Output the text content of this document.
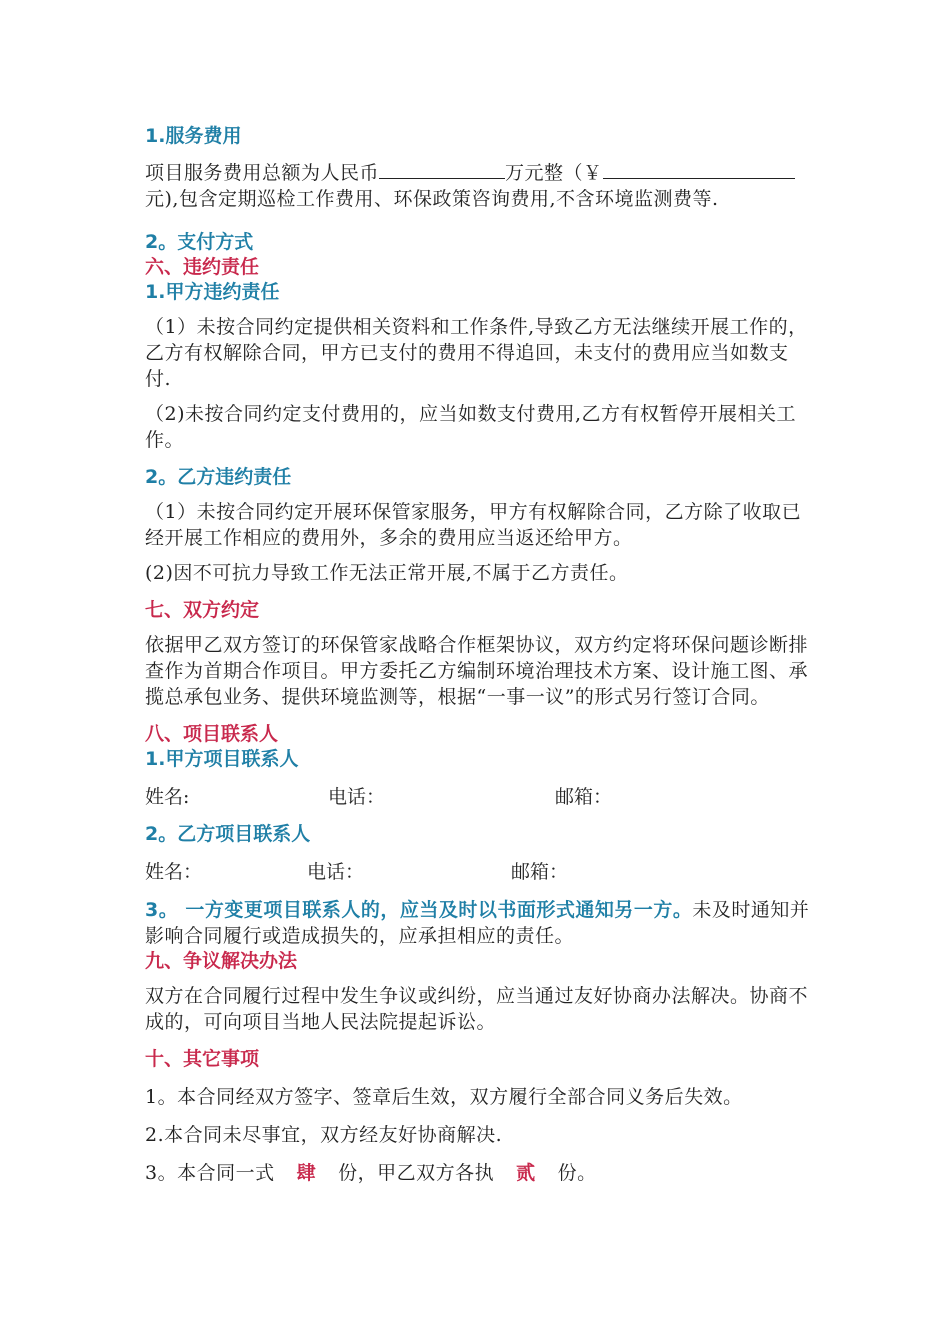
1.服务费用

项目服务费用总额为人民币	万元整（￥元),包含定期巡检工作费用、环保政策咨询费用,不含环境监测费等.

2。支付方式
六、违约责任
1.甲方违约责任

（1）未按合同约定提供相关资料和工作条件,导致乙方无法继续开展工作的，乙方有权解除合同，甲方已支付的费用不得追回，未支付的费用应当如数支付.

（2)未按合同约定支付费用的，应当如数支付费用,乙方有权暂停开展相关工作。

2。乙方违约责任

（1）未按合同约定开展环保管家服务，甲方有权解除合同，乙方除了收取已经开展工作相应的费用外，多余的费用应当返还给甲方。

(2)因不可抗力导致工作无法正常开展,不属于乙方责任。

七、双方约定

依据甲乙双方签订的环保管家战略合作框架协议，双方约定将环保问题诊断排查作为首期合作项目。甲方委托乙方编制环境治理技术方案、设计施工图、承揽总承包业务、提供环境监测等，根据“一事一议”的形式另行签订合同。

八、项目联系人
1.甲方项目联系人
姓名:	电话：	邮箱：
2。乙方项目联系人
姓名：	电话：	邮箱：

3。 一方变更项目联系人的，应当及时以书面形式通知另一方。未及时通知并影响合同履行或造成损失的，应承担相应的责任。

九、争议解决办法

双方在合同履行过程中发生争议或纠纷，应当通过友好协商办法解决。协商不成的，可向项目当地人民法院提起诉讼。

十、其它事项

1。本合同经双方签字、签章后生效，双方履行全部合同义务后失效。

2.本合同未尽事宜，双方经友好协商解决.

3。本合同一式 肆 份，甲乙双方各执 贰 份。
